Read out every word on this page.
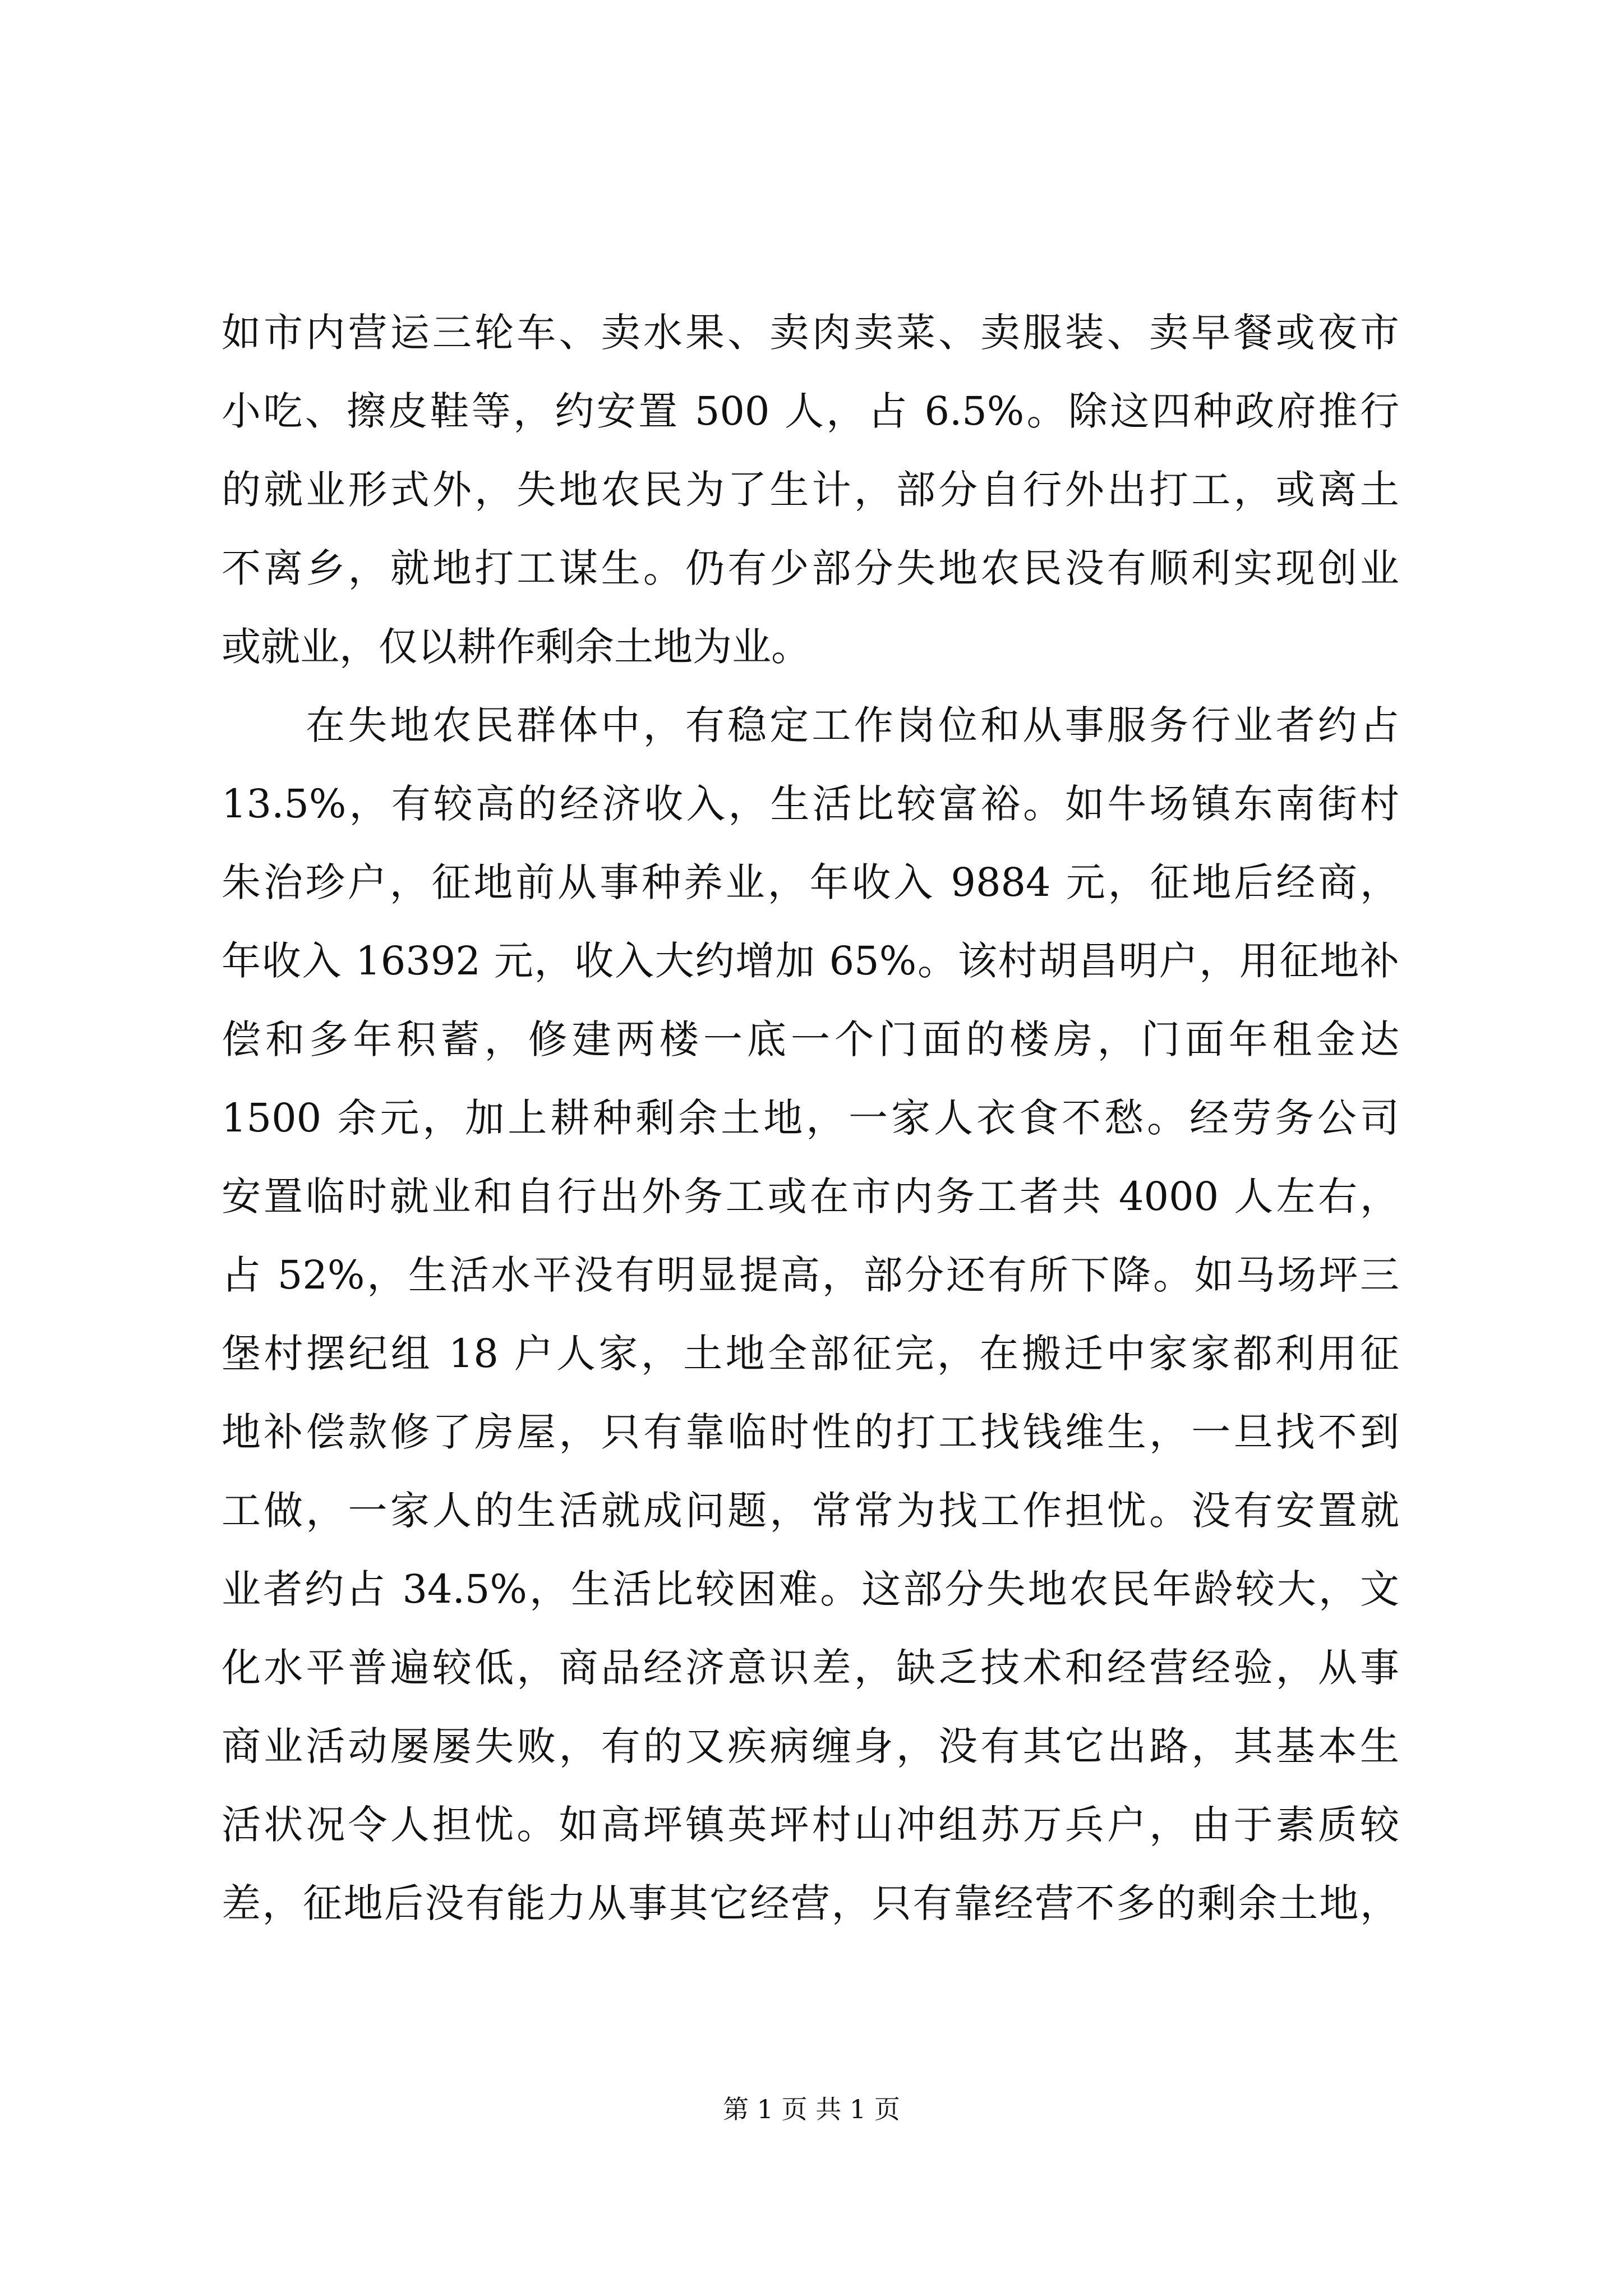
如市内营运三轮车、卖水果、卖肉卖菜、卖服装、卖早餐或夜市
小吃、擦皮鞋等，约安置 500 人，占 6.5%。除这四种政府推行
的就业形式外，失地农民为了生计，部分自行外出打工，或离土
不离乡，就地打工谋生。仍有少部分失地农民没有顺利实现创业
或就业，仅以耕作剩余土地为业。
在失地农民群体中，有稳定工作岗位和从事服务行业者约占
13.5%，有较高的经济收入，生活比较富裕。如牛场镇东南街村
朱治珍户，征地前从事种养业，年收入 9884 元，征地后经商，
年收入 16392 元，收入大约增加 65%。该村胡昌明户，用征地补
偿和多年积蓄，修建两楼一底一个门面的楼房，门面年租金达
1500 余元，加上耕种剩余土地，一家人衣食不愁。经劳务公司
安置临时就业和自行出外务工或在市内务工者共 4000 人左右，
占 52%，生活水平没有明显提高，部分还有所下降。如马场坪三
堡村摆纪组 18 户人家，土地全部征完，在搬迁中家家都利用征
地补偿款修了房屋，只有靠临时性的打工找钱维生，一旦找不到
工做，一家人的生活就成问题，常常为找工作担忧。没有安置就
业者约占 34.5%，生活比较困难。这部分失地农民年龄较大，文
化水平普遍较低，商品经济意识差，缺乏技术和经营经验，从事
商业活动屡屡失败，有的又疾病缠身，没有其它出路，其基本生
活状况令人担忧。如高坪镇英坪村山冲组苏万兵户，由于素质较
差，征地后没有能力从事其它经营，只有靠经营不多的剩余土地，
第 1 页 共 1 页
